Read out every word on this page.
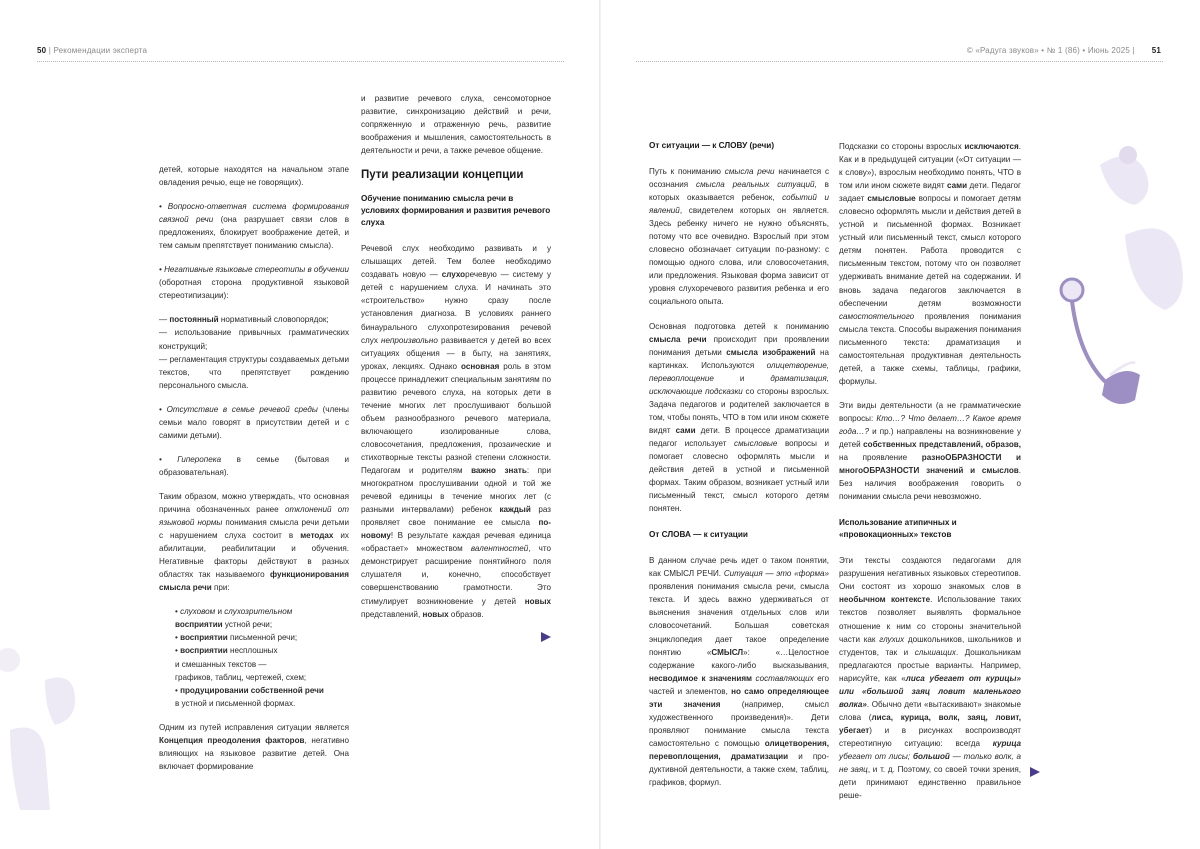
50 | Рекомендации эксперта	© «Радуга звуков» • № 1 (86) • Июнь 2025 | 51

детей, которые находятся на начальном этапе овладения речью, еще не говорящих).

• Вопросно-ответная система формирования связной речи (она разрушает связи слов в предложениях, блокирует воображение детей, и тем самым препятствует пониманию смысла).

• Негативные языковые стереотипы в обучении (оборотная сторона продуктивной языковой стереотипизации):

— постоянный нормативный словопорядок;

— использование привычных грамматических конструкций;

— регламентация структуры создаваемых детьми текстов, что препятствует рождению персонального смысла.

• Отсутствие в семье речевой среды (члены семьи мало говорят в присутствии детей и с самими детьми).

• Гиперопека в семье (бытовая и образовательная).

Таким образом, можно утверждать, что основная причина обозначенных ранее отклонений от языковой нормы понимания смысла речи детьми с нарушением слуха состоит в методах их абилитации, реабилитации и обучения. Негативные факторы действуют в разных областях так называемого функционирования смысла речи при:

• слуховом и слухозрительном

восприятии устной речи;

• восприятии письменной речи;

• восприятии несплошных

и смешанных текстов —

графиков, таблиц, чертежей, схем;

• продуцировании собственной речи

в устной и письменной формах.

Одним из путей исправления ситуации является Концепция преодоления факторов, негативно влияющих на языковое развитие детей. Она включает формирование

и развитие речевого слуха, сенсомоторное развитие, синхронизацию действий и речи, сопряженную и отраженную речь, развитие воображения и мышления, самостоятельность в деятельности и речи, а также речевое общение.

Пути реализации концепции
Обучение пониманию смысла речи в условиях формирования и развития речевого слуха

Речевой слух необходимо развивать и у слышащих детей. Тем более необходимо создавать новую — слухоречевую — систему у детей с нарушением слуха. И начинать это «строительство» нужно сразу после установления диагноза. В условиях раннего бинаурального слухопротезирования речевой слух непроизвольно развивается у детей во всех ситуациях общения — в быту, на занятиях, уроках, лекциях. Однако основная роль в этом процессе принадлежит специальным занятиям по развитию речевого слуха, на которых дети в течение многих лет прослушивают большой объем разнообразного речевого материала, включающего изолированные слова, словосочетания, предложения, прозаические и стихотворные тексты разной степени сложности. Педагогам и родителям важно знать: при многократном прослушивании одной и той же речевой единицы в течение многих лет (с разными интервалами) ребенок каждый раз проявляет свое понимание ее смысла по-новому! В результате каждая речевая единица «обрастает» множеством валентностей, что демонстрирует расширение понятийного поля слушателя и, конечно, способствует совершенствованию грамотности. Это стимулирует возникновение у детей новых представлений, новых образов.

От ситуации — к СЛОВУ (речи)

Путь к пониманию смысла речи начинается с осознания смысла реальных ситуаций, в которых оказывается ребенок, событий и явлений, свидетелем которых он является. Здесь ребенку ничего не нужно объяснять, потому что все очевидно. Взрослый при этом словесно обозначает ситуации по-разному: с помощью одного слова, или словосочетания, или предложения. Языковая форма зависит от уровня слухоречевого развития ребенка и его социального опыта.

Основная подготовка детей к пониманию смысла речи происходит при проявлении понимания детьми смысла изображений на картинках. Используются олицетворение, перевоплощение и драматизация, исключающие подсказки со стороны взрослых. Задача педагогов и родителей заключается в том, чтобы понять, ЧТО в том или ином сюжете видят сами дети. В процессе драматизации педагог использует смысловые вопросы и помогает словесно оформлять мысли и действия детей в устной и письменной формах. Таким образом, возникает устный или письменный текст, смысл которого детям понятен.

От СЛОВА — к ситуации

В данном случае речь идет о таком понятии, как СМЫСЛ РЕЧИ. Ситуация — это «форма» проявления понимания смысла речи, смысла текста. И здесь важно удерживаться от выяснения значения отдельных слов или словосочетаний. Большая советская энциклопедия дает такое определение понятию «СМЫСЛ»: «…Целостное содержание какого-либо высказывания, несводимое к значениям составляющих его частей и элементов, но само определяющее эти значения (например, смысл художественного произведения)». Дети проявляют понимание смысла текста самостоятельно с помощью олицетворения, перевоплощения, драматизации и про-дуктивной деятельности, а также схем, таблиц, графиков, формул.

Подсказки со стороны взрослых исключаются. Как и в предыдущей ситуации («От ситуации — к слову»), взрослым необходимо понять, ЧТО в том или ином сюжете видят сами дети. Педагог задает смысловые вопросы и помогает детям словесно оформлять мысли и действия детей в устной и письменной формах. Возникает устный или письменный текст, смысл которого детям понятен. Работа проводится с письменным текстом, потому что он позволяет удерживать внимание детей на содержании. И вновь задача педагогов заключается в обеспечении детям возможности самостоятельного проявления понимания смысла текста. Способы выражения понимания письменного текста: драматизация и самостоятельная продуктивная деятельность детей, а также схемы, таблицы, графики, формулы.

Эти виды деятельности (а не грамматические вопросы: Кто…? Что делает…? Какое время года…? и пр.) направлены на возникновение у детей собственных представлений, образов, на проявление разноОБРАЗНОСТИ и многоОБРАЗНОСТИ значений и смыслов. Без наличия воображения говорить о понимании смысла речи невозможно.

Использование атипичных и «провокационных» текстов

Эти тексты создаются педагогами для разрушения негативных языковых стереотипов. Они состоят из хорошо знакомых слов в необычном контексте. Использование таких текстов позволяет выявлять формальное отношение к ним со стороны значительной части как глухих дошкольников, школьников и студентов, так и слышащих. Дошкольникам предлагаются простые варианты. Например, нарисуйте, как «лиса убегает от курицы» или «большой заяц ловит маленького волка». Обычно дети «вытаскивают» знакомые слова (лиса, курица, волк, заяц, ловит, убегает) и в рисунках воспроизводят стереотипную ситуацию: всегда курица убегает от лисы; большой — только волк, а не заяц, и т. д. Поэтому, со своей точки зрения, дети принимают единственно правильное реше-
